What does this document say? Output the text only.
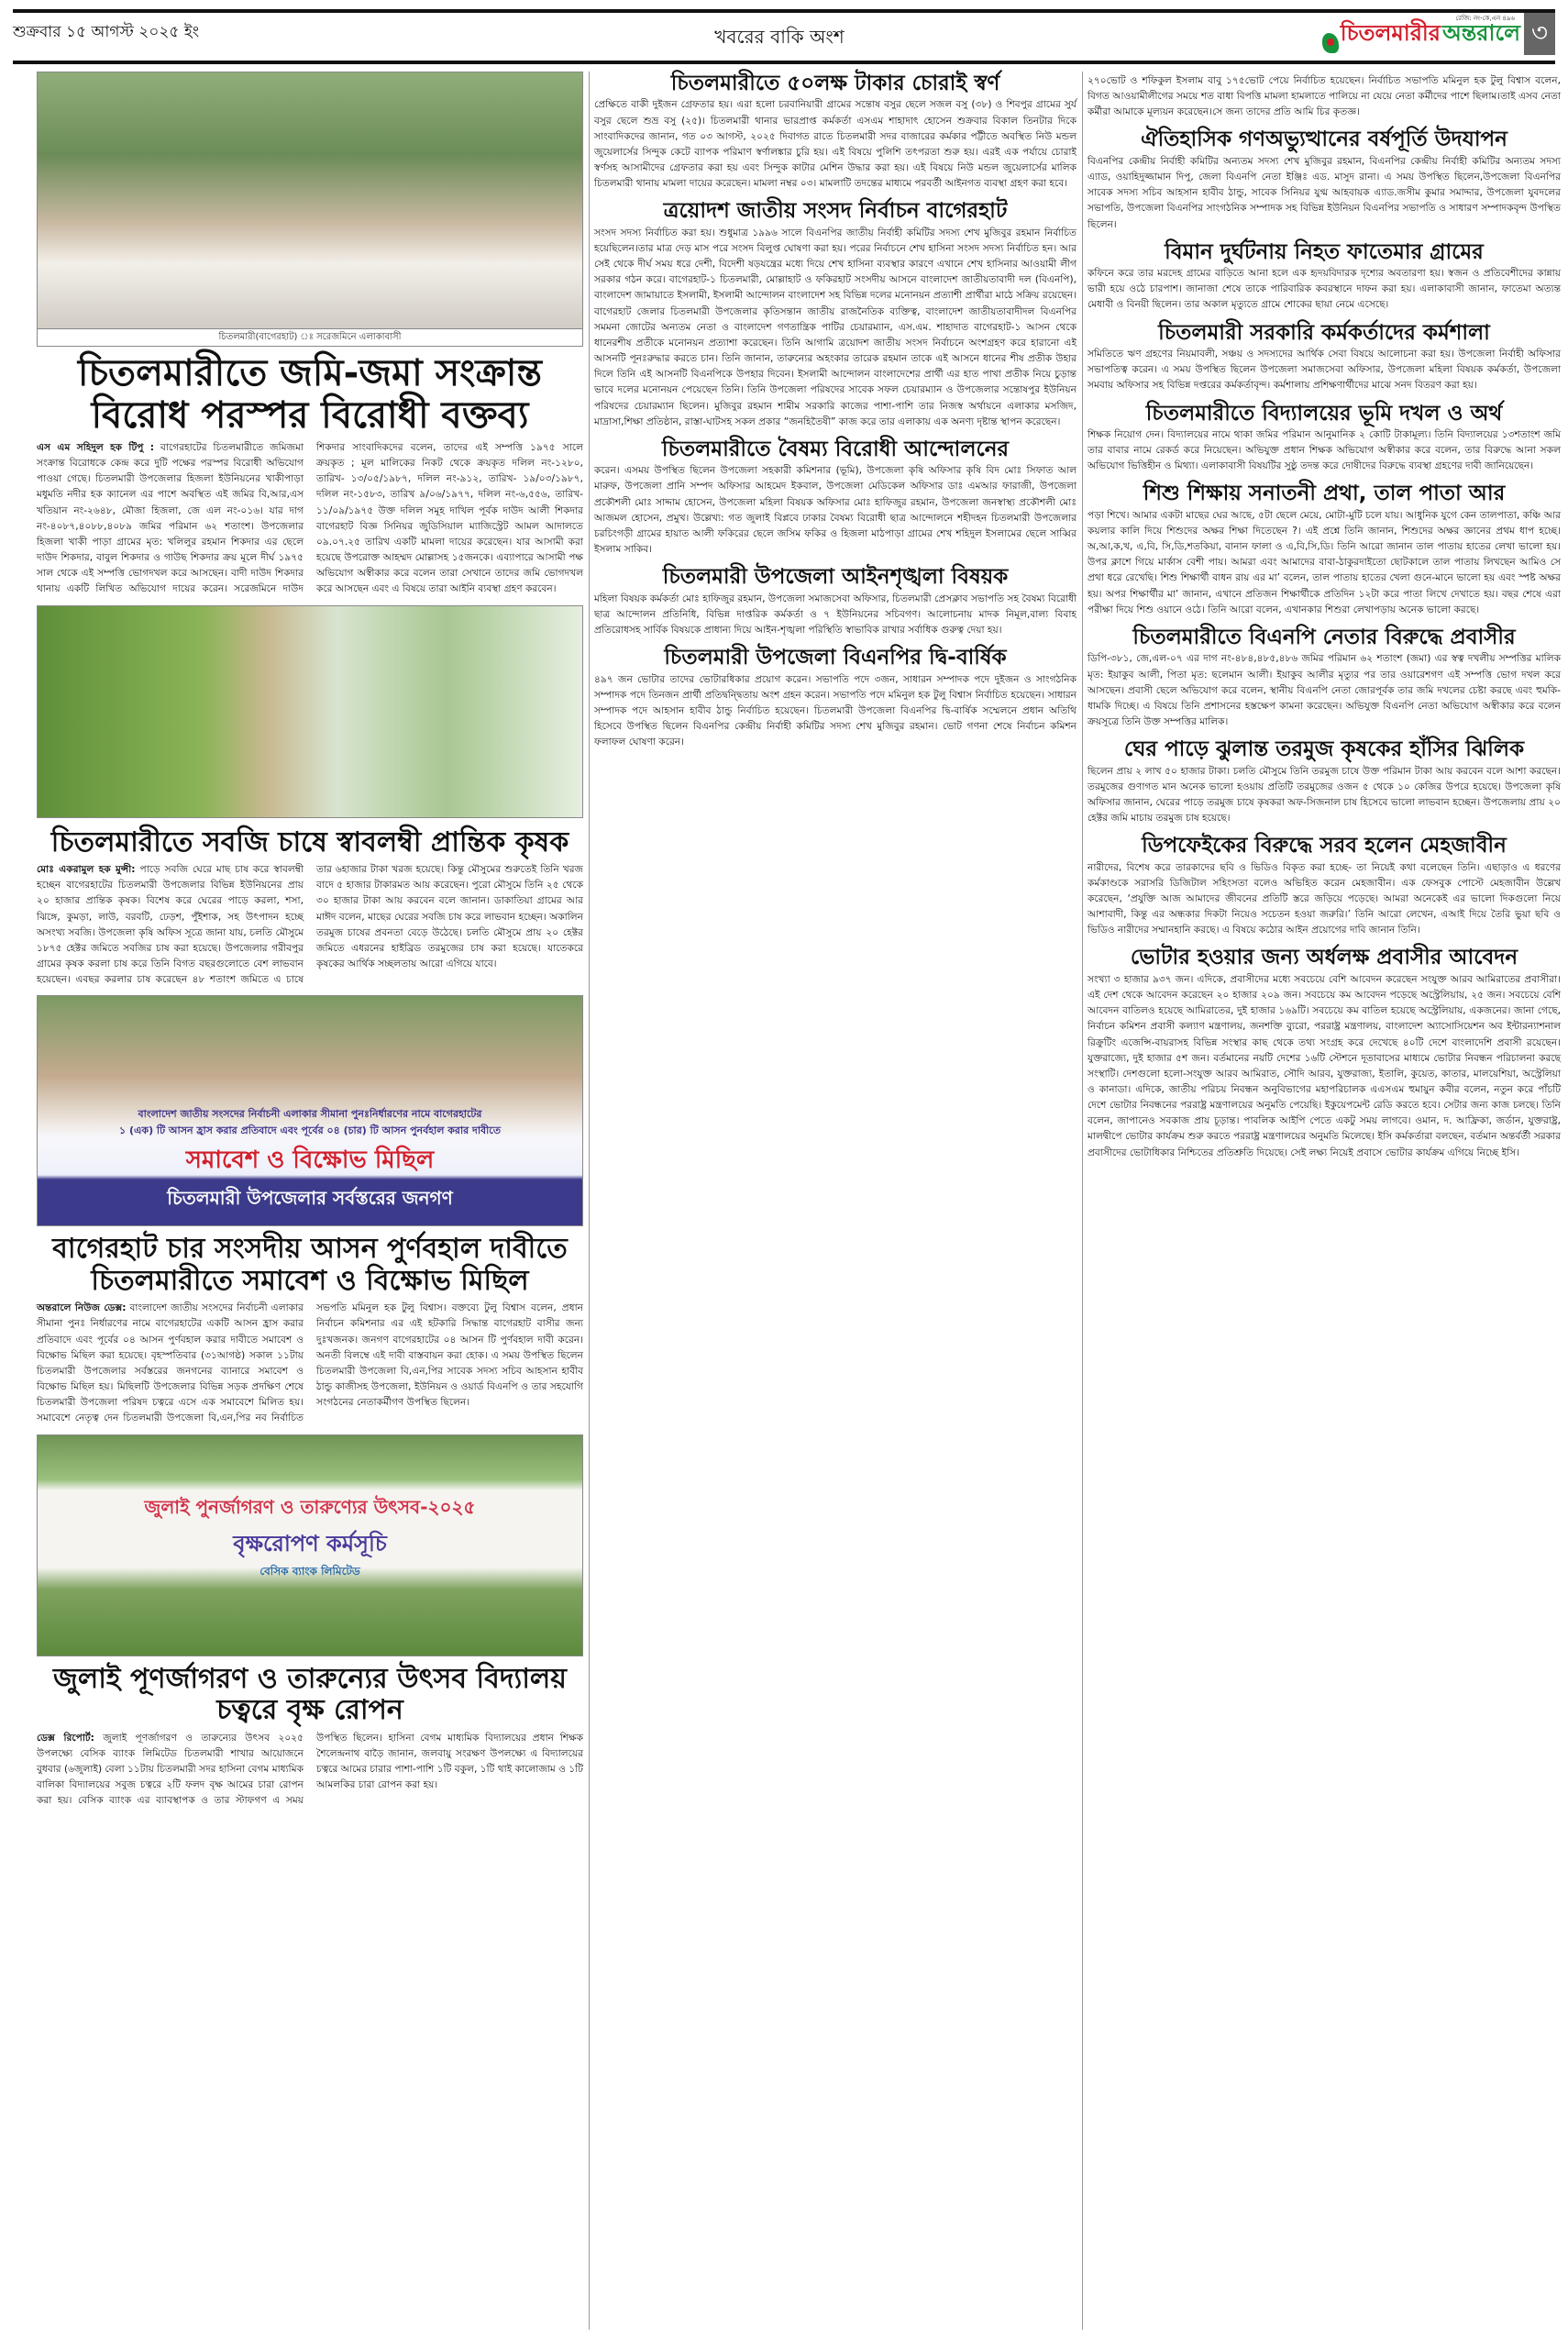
শুক্রবার ১৫ আগস্ট ২০২৫ ইং	খবরের বাকি অংশ	চিতলমারীর অন্তরালে
রেজি: নং-কে,এন ৪৯৬ ৩
চিতলমারী(বাগেরহাট) ঃ সরেজমিনে এলাকাবাসী
চিতলমারীতে জমি-জমা সংক্রান্ত বিরোধ পরস্পর বিরোধী বক্তব্য

এস এম সহিদুল হক টিপু : বাগেরহাটের চিতলমারীতে জমিজমা সংক্রান্ত বিরোধকে কেন্দ্র করে দুটি পক্ষের পরস্পর বিরোধী অভিযোগ পাওয়া গেছে। চিতলমারী উপজেলার হিজলা ইউনিয়নের খাকীপাড়া মধুমতি নদীর হক ক্যানেল এর পাশে অবস্থিত এই জমির বি,আর,এস খতিয়ান নং-২৬৪৮, মৌজা হিজলা, জে এল নং-০১৬। যার দাগ নং-৪০৮৭,৪০৮৮,৪০৮৯ জমির পরিমান ৬২ শতাংশ। উপজেলার হিজলা খাকী পাড়া গ্রামের মৃত: খলিলুর রহমান শিকদার এর ছেলে দাউদ শিকদার, বাবুল শিকদার ও গাউছ শিকদার ক্রয় মূলে দীর্ঘ ১৯৭৫ সাল থেকে এই সম্পত্তি ভোগদখল করে আসছেন। বাদী দাউদ শিকদার থানায় একটি লিখিত অভিযোগ দায়ের করেন। সরেজমিনে দাউদ শিকদার সাংবাদিকদের বলেন, তাদের এই সম্পত্তি ১৯৭৫ সালে ক্রয়কৃত ; মূল মালিকের নিকট থেকে ক্রয়কৃত দলিল নং-১২৮০, তারিখ- ১৩/০৫/১৯৮৭, দলিল নং-৯১২, তারিখ- ১৯/০৩/১৯৮৭, দলিল নং-১৫৮৩, তারিখ ৯/০৬/১৯৭৭, দলিল নং-৬,৫৫৬, তারিখ- ১১/০৯/১৯৭৫ উক্ত দলিল সমূহ দাখিল পূর্বক দাউদ আলী শিকদার বাগেরহাট বিজ্ঞ সিনিয়র জুডিসিয়াল ম্যাজিস্ট্রেট আমল আদালতে ০৯.০৭.২৫ তারিখ একটি মামলা দায়ের করেছেন। যার আসামী করা হয়েছে উপরোক্ত আহম্মদ মোল্লাসহ ১৫জনকে। এব্যাপারে আসামী পক্ষ অভিযোগ অস্বীকার করে বলেন তারা সেখানে তাদের জমি ভোগদখল করে আসছেন এবং এ বিষয়ে তারা আইনি ব্যবস্থা গ্রহণ করবেন।

চিতলমারীতে সবজি চাষে স্বাবলম্বী প্রান্তিক কৃষক

মোঃ একরামুল হক মুন্সী: পাড়ে সবজি ঘেরে মাছ চাষ করে স্বাবলম্বী হচ্ছেন বাগেরহাটের চিতলমারী উপজেলার বিভিন্ন ইউনিয়নের প্রায় ২০ হাজার প্রান্তিক কৃষক। বিশেষ করে ঘেরের পাড়ে করলা, শসা, ঝিঙ্গে, কুমড়া, লাউ, বরবটি, ঢেড়শ, পুঁইশাক, সহ উৎপাদন হচ্ছে অসংখ্য সবজি। উপজেলা কৃষি অফিস সূত্রে জানা যায়, চলতি মৌসুমে ১৮৭৫ হেক্টর জমিতে সবজির চাষ করা হয়েছে। উপজেলার গরীবপুর গ্রামের কৃষক করলা চাষ করে তিনি বিগত বছরগুলোতে বেশ লাভবান হয়েছেন। এবছর করলার চাষ করেছেন ৪৮ শতাংশ জমিতে এ চাষে তার ৬হাজার টাকা খরজ হয়েছে। কিন্তু মৌসুমের শুরুতেই তিনি খরজ বাদে ৫ হাজার টাকারমত আয় করেছেন। পুরো মৌসুমে তিনি ২৫ থেকে ৩০ হাজার টাকা আয় করবেন বলে জানান। ডাকাতিয়া গ্রামের আর মাঈদ বলেন, মাছের ঘেরের সবজি চাষ করে লাভবান হচ্ছেন। অকালিন তরমুজ চাষের প্রবনতা বেড়ে উঠেছে। চলতি মৌসুমে প্রায় ২০ হেক্টর জমিতে এধরনের হাইব্রিড তরমুজের চাষ করা হয়েছে। যাতেকরে কৃষকের আর্থিক সচ্ছলতায় আরো এগিয়ে যাবে।

বাংলাদেশ জাতীয় সংসদের নির্বাচনী এলাকার সীমানা পুনঃনির্ধারণের নামে বাগেরহাটের
১ (এক) টি আসন হ্রাস করার প্রতিবাদে এবং পূর্বের ০৪ (চার) টি আসন পুনর্বহাল করার দাবীতে
সমাবেশ ও বিক্ষোভ মিছিল
চিতলমারী উপজেলার সর্বস্তরের জনগণ
বাগেরহাট চার সংসদীয় আসন পুর্ণবহাল দাবীতে চিতলমারীতে সমাবেশ ও বিক্ষোভ মিছিল

অন্তরালে নিউজ ডেক্স: বাংলাদেশ জাতীয় সংসদের নির্বাচনী এলাকার সীমানা পুনঃ নির্ধারণের নামে বাগেরহাটের একটি আসন হ্রাস করার প্রতিবাদে এবং পূর্বের ০৪ আসন পুর্ণবহাল করার দাবীতে সমাবেশ ও বিক্ষোভ মিছিল করা হয়েছে। বৃহস্পতিবার (৩১আগষ্ঠ) সকাল ১১টায় চিতলমারী উপজেলার সর্বস্তরের জনগনের ব্যানারে সমাবেশ ও বিক্ষোভ মিছিল হয়। মিছিলটি উপজেলার বিভিন্ন সড়ক প্রদক্ষিণ শেষে চিতলমারী উপজেলা পরিষদ চত্বরে এসে এক সমাবেশে মিলিত হয়। সমাবেশে নেতৃত্ব দেন চিতলমারী উপজেলা বি,এন,পির নব নির্বাচিত সভপতি মমিনুল হক টুলু বিশ্বাস। বক্তব্যে টুলু বিশ্বাস বলেন, প্রধান নির্বাচন কমিশনার এর এই হটকারি সিদ্ধান্ত বাগেরহাট বাসীর জন্য দুঃখজনক। জনগণ বাগেরহাটের ০৪ আসন টি পুর্ণবহাল দাবী করেন। অনতী বিলম্বে এই দাবী বাস্তবায়ন করা হোক। এ সময় উপস্থিত ছিলেন চিতলমারী উপজেলা বি,এন,পির সাবেক সদস্য সচিব আহসান হাবীব ঠান্ডু কাজীসহ উপজেলা, ইউনিয়ন ও ওয়ার্ড বিএনপি ও তার সহযোগি সংগঠনের নেতাকর্মীগণ উপস্থিত ছিলেন।

জুলাই পুনর্জাগরণ ও তারুণ্যের উৎসব-২০২৫
বৃক্ষরোপণ কর্মসূচি
বেসিক ব্যাংক লিমিটেড
জুলাই পূণর্জাগরণ ও তারুন্যের উৎসব বিদ্যালয় চত্বরে বৃক্ষ রোপন

ডেক্স রিপোর্ট: জুলাই পূণর্জাগরণ ও তারুন্যের উৎসব ২০২৫ উপলক্ষ্যে বেসিক ব্যাংক লিমিটেড চিতলমারী শাখার আয়োজনে বুধবার (৬জুলাই) বেলা ১১টায় চিতলমারী সদর হাসিনা বেগম মাধ্যমিক বালিকা বিদ্যালয়ের সবুজ চত্বরে ২টি ফলদ বৃক্ষ আমের চারা রোপন করা হয়। বেসিক ব্যাংক এর ব্যাবস্থাপক ও তার স্টাফগণ এ সময় উপস্থিত ছিলেন। হাসিনা বেগম মাধ্যমিক বিদ্যালয়ের প্রধান শিক্ষক শৈলেন্দ্রনাথ বাড়ৈ জানান, জলবায়ু সংরক্ষণ উপলক্ষ্যে এ বিদ্যালয়ের চত্বরে আমের চারার পাশা-পাশি ১টি বকুল, ১টি থাই কালোজাম ও ১টি আমলকির চারা রোপন করা হয়।

চিতলমারীতে ৫০লক্ষ টাকার চোরাই স্বর্ণ

প্রেক্ষিতে বাকী দুইজন গ্রেফতার হয়। এরা হলো চরবানিয়ারী গ্রামের সন্তোষ বসুর ছেলে সজল বসু (৩৮) ও শিবপুর গ্রামের সুর্য বসুর ছেলে শুভ্র বসু (২৫)। চিতলমারী থানার ভারপ্রাপ্ত কর্মকর্তা এসএম শাহাদাৎ হোসেন শুক্রবার বিকাল তিনটার দিকে সাংবাদিকদের জানান, গত ০৩ আগস্ট, ২০২৫ দিবাগত রাতে চিতলমারী সদর বাজারের কর্মকার পট্টীতে অবস্থিত নিউ মন্ডল জুয়েলার্সের সিন্দুক কেটে ব্যাপক পরিমাণ স্বর্ণালঙ্কার চুরি হয়। এই বিষয়ে পুলিশি তৎপরতা শুরু হয়। এরই এক পর্যায়ে চোরাই স্বর্ণসহ আসামীদের গ্রেফতার করা হয় এবং সিন্দুক কাটার মেশিন উদ্ধার করা হয়। এই বিষয়ে নিউ মন্ডল জুয়েলার্সের মালিক চিতলমারী থানায় মামলা দায়ের করেছেন। মামলা নম্বর ০৩। মামলাটি তদন্তের মাধ্যমে পরবর্তী আইনগত ব্যবস্থা গ্রহণ করা হবে।

ত্রয়োদশ জাতীয় সংসদ নির্বাচন বাগেরহাট

সংসদ সদস্য নির্বাচিত করা হয়। শুধুমাত্র ১৯৯৬ সালে বিএনপির জাতীয় নির্বাহী কমিটির সদস্য শেখ মুজিবুর রহমান নির্বাচিত হয়েছিলেন।তার মাত্র দেড় মাস পরে সংসদ বিলুপ্ত ঘোষণা করা হয়। পরের নির্বাচনে শেখ হাসিনা সংসদ সদস্য নির্বাচিত হন। আর সেই থেকে দীর্ঘ সময় ধরে দেশী, বিদেশী ষড়যন্ত্রের মধ্যে দিয়ে শেখ হাসিনা ব্যবস্থার কারণে এখানে শেখ হাসিনার আওয়ামী লীগ সরকার গঠন করে। বাগেরহাট-১ চিতলমারী, মোল্লাহাট ও ফকিরহাট সংসদীয় আসনে বাংলাদেশ জাতীয়তাবাদী দল (বিএনপি), বাংলাদেশ জামায়াতে ইসলামী, ইসলামী আন্দোলন বাংলাদেশ সহ বিভিন্ন দলের মনোনয়ন প্রত্যাশী প্রার্থীরা মাঠে সক্রিয় রয়েছেন। বাগেরহাট জেলার চিতলমারী উপজেলার কৃতিসন্তান জাতীয় রাজনৈতিক ব্যক্তিত্ব, বাংলাদেশ জাতীয়তাবাদীদল বিএনপির সমমনা জোটের অন্যতম নেতা ও বাংলাদেশ গণতান্ত্রিক পাটির চেয়ারম্যান, এস.এম. শাহাদাত বাগেরহাট-১ আসন থেকে ধানেরশীষ প্রতীকে মনোনয়ন প্রত্যাশা করেছেন। তিনি আগামি ত্রয়োদশ জাতীয় সংসদ নির্বাচনে অংশগ্রহণ করে হারানো এই আসনটি পূনঃরুদ্ধার করতে চান। তিনি জানান, তারুন্যের অহংকার তারেক রহমান তাকে এই আসনে ধানের শীষ প্রতীক উহার দিলে তিনি এই আসনটি বিএনপিকে উপহার দিবেন। ইসলামী আন্দোলন বাংলাদেশের প্রার্থী এর হাত পাখা প্রতীক নিয়ে চুড়ান্ত ভাবে দলের মনোনয়ন পেয়েছেন তিনি। তিনি উপজেলা পরিষদের সাবেক সফল চেয়ারম্যান ও উপজেলার সন্তোষপুর ইউনিয়ন পরিষদের চেয়ারম্যান ছিলেন। মুজিবুর রহমান শামীম সরকারি কাজের পাশা-পাশি তার নিজস্ব অর্থায়নে এলাকার মসজিদ, মাদ্রাসা,শিক্ষা প্রতিষ্ঠান, রাস্তা-ঘাটসহ সকল প্রকার “জনহিতৈষী” কাজ করে তার এলাকায় এক অনণ্য দৃষ্টান্ত স্থাপন করেছেন।

চিতলমারীতে বৈষম্য বিরোধী আন্দোলনের

করেন। এসময় উপস্থিত ছিলেন উপজেলা সহকারী কমিশনার (ভূমি), উপজেলা কৃষি অফিসার কৃষি বিদ মোঃ সিফাত আল মারুফ, উপজেলা প্রানি সম্পদ অফিসার আহমেদ ইকবাল, উপজেলা মেডিকেল অফিসার ডাঃ এমআর ফারাজী, উপজেলা প্রকৌশলী মোঃ সাদ্দাম হোসেন, উপজেলা মহিলা বিষয়ক অফিসার মোঃ হাফিজুর রহমান, উপজেলা জনস্বাস্থ্য প্রকৌশলী মোঃ আজমল হোসেন, প্রমুখ। উল্লেখ্য: গত জুলাই বিপ্লবে ঢাকার বৈষম্য বিরোধী ছাত্র আন্দোলনে শহীদহন চিতলমারী উপজেলার চরচিংগড়ী গ্রামের হায়াত আলী ফকিরের ছেলে জসিম ফকির ও হিজলা মাঠপাড়া গ্রামের শেখ শহিদুল ইসলামের ছেলে সাব্বির ইসলাম সাকিব।

চিতলমারী উপজেলা আইনশৃঙ্খলা বিষয়ক

মহিলা বিষয়ক কর্মকর্তা মোঃ হাফিজুর রহমান, উপজেলা সমাজসেবা অফিসার, চিতলমারী প্রেসক্লাব সভাপতি সহ বৈষম্য বিরোধী ছাত্র আন্দোলন প্রতিনিধি, বিভিন্ন দাপ্তরিক কর্মকর্তা ও ৭ ইউনিয়নের সচিবগণ। আলোচনায় মাদক নিমূল,বাল্য বিবাহ প্রতিরোধসহ সার্বিক বিষয়কে প্রাধান্য দিয়ে আইন-শৃঙ্খলা পরিস্থিতি স্বাভাবিক রাখার সর্বাধিক গুরুত্ব দেয়া হয়।

চিতলমারী উপজেলা বিএনপির দ্বি-বার্ষিক

৪৯৭ জন ভোটার তাদের ভোটারধিকার প্রয়োগ করেন। সভাপতি পদে ৩জন, সাধারন সম্পাদক পদে দুইজন ও সাংগঠনিক সম্পাদক পদে তিনজন প্রার্থী প্রতিদ্বন্দ্বিতায় অংশ গ্রহন করেন। সভাপতি পদে মমিনুল হক টুলু বিশ্বাস নির্বাচিত হয়েছেন। সাধারন সম্পাদক পদে আহসান হাবীব ঠান্ডু নির্বাচিত হয়েছেন। চিতলমারী উপজেলা বিএনপির দ্বি-বার্ষিক সম্মেলনে প্রধান অতিথি হিসেবে উপস্থিত ছিলেন বিএনপির কেন্দ্রীয় নির্বাহী কমিটির সদস্য শেখ মুজিবুর রহমান। ভোট গণনা শেষে নির্বাচন কমিশন ফলাফল ঘোষণা করেন।

২৭০ভোট ও শফিকুল ইসলাম বাবু ১৭৫ভোট পেয়ে নির্বাচিত হয়েছেন। নির্বাচিত সভাপতি মমিনুল হক টুলু বিশ্বাস বলেন, বিগত আওয়ামীলীগের সময়ে শত বাধা বিপত্তি মামলা হামলাতে পালিয়ে না যেয়ে নেতা কর্মীদের পাশে ছিলাম।তাই এসব নেতা কর্মীরা আমাকে মূল্যয়ন করেছেন।সে জন্য তাদের প্রতি আমি চির কৃতজ্ঞ।

ঐতিহাসিক গণঅভ্যুত্থানের বর্ষপূর্তি উদযাপন

বিএনপির কেন্দ্রীয় নির্বাহী কমিটির অন্যতম সদস্য শেখ মুজিবুর রহমান, বিএনপির কেন্দ্রীয় নির্বাহী কমিটির অন্যতম সদস্য এ্যাড, ওয়াহিদুজ্জামান দিপু, জেলা বিএনপি নেতা ইঞ্জিঃ এড. মাসুদ রানা। এ সময় উপস্থিত ছিলেন,উপজেলা বিএনপির সাবেক সদস্য সচিব আহসান হাবীব ঠান্ডু, সাবেক সিনিয়র যুগ্ম আহবায়ক এ্যাড.জসীম কুমার সমাদ্দার, উপজেলা যুবদলের সভাপতি, উপজেলা বিএনপির সাংগঠনিক সম্পাদক সহ বিভিন্ন ইউনিয়ন বিএনপির সভাপতি ও সাধারণ সম্পাদকবৃন্দ উপস্থিত ছিলেন।

বিমান দুর্ঘটনায় নিহত ফাতেমার গ্রামের

কফিনে করে তার মরদেহ গ্রামের বাড়িতে আনা হলে এক হৃদয়বিদারক দৃশ্যের অবতারণা হয়। স্বজন ও প্রতিবেশীদের কান্নায় ভারী হয়ে ওঠে চারপাশ। জানাজা শেষে তাকে পারিবারিক কবরস্থানে দাফন করা হয়। এলাকাবাসী জানান, ফাতেমা অত্যন্ত মেধাবী ও বিনয়ী ছিলেন। তার অকাল মৃত্যুতে গ্রামে শোকের ছায়া নেমে এসেছে।

চিতলমারী সরকারি কর্মকর্তাদের কর্মশালা

সমিতিতে ঋণ গ্রহণের নিয়মাবলী, সঞ্চয় ও সদস্যদের আর্থিক সেবা বিষয়ে আলোচনা করা হয়। উপজেলা নির্বাহী অফিসার সভাপতিত্ব করেন। এ সময় উপস্থিত ছিলেন উপজেলা সমাজসেবা অফিসার, উপজেলা মহিলা বিষয়ক কর্মকর্তা, উপজেলা সমবায় অফিসার সহ বিভিন্ন দপ্তরের কর্মকর্তাবৃন্দ। কর্মশালায় প্রশিক্ষণার্থীদের মাঝে সনদ বিতরণ করা হয়।

চিতলমারীতে বিদ্যালয়ের ভূমি দখল ও অর্থ

শিক্ষক নিয়োগ দেন। বিদ্যালয়ের নামে থাকা জমির পরিমান আনুমানিক ২ কোটি টাকামূল্য। তিনি বিদ্যালয়ের ১৩শতাংশ জমি তার বাবার নামে রেকর্ড করে নিয়েছেন। অভিযুক্ত প্রধান শিক্ষক অভিযোগ অস্বীকার করে বলেন, তার বিরুদ্ধে আনা সকল অভিযোগ ভিত্তিহীন ও মিথ্যা। এলাকাবাসী বিষয়টির সুষ্ঠু তদন্ত করে দোষীদের বিরুদ্ধে ব্যবস্থা গ্রহণের দাবী জানিয়েছেন।

শিশু শিক্ষায় সনাতনী প্রথা, তাল পাতা আর

পড়া শিখে। আমার একটা মাছের ঘের আছে, ৫টা ছেলে মেয়ে, মোটা-মুটি চলে যায়। আধুনিক যুগে কেন তালপাতা, কঞ্চি আর কয়লার কালি দিয়ে শিশুদের অক্ষর শিক্ষা দিতেছেন ?। এই প্রশ্নে তিনি জানান, শিশুদের অক্ষর জ্ঞানের প্রথম ধাপ হচ্ছে। অ,আ,ক,খ, এ,বি, সি,ডি,শতকিয়া, বানান ফালা ও এ,বি,সি,ডি। তিনি আরো জানান তাল পাতায় হাতের লেখা ভালো হয়। উপর ক্লাশে গিয়ে মার্কাস বেশী পায়। আমরা এবং আমাদের বাবা-ঠাকুরদাইতো ছোটকালে তাল পাতায় লিখছেন আমিও সে প্রথা ধরে রেখেছি। শিশু শিক্ষার্থী বাধন রায় এর মা’ বলেন, তাল পাতায় হাতের খেলা গুনে-মানে ভালো হয় এবং স্পষ্ট অক্ষর হয়। অপর শিক্ষার্থীর মা’ জানান, এখানে প্রতিজন শিক্ষার্থীকে প্রতিদিন ১২টা করে পাতা লিখে দেখাতে হয়। বছর শেষে এরা পরীক্ষা দিয়ে শিশু ওয়ানে ওঠে। তিনি আরো বলেন, এখানকার শিশুরা লেখাপড়ায় অনেক ভালো করছে।

চিতলমারীতে বিএনপি নেতার বিরুদ্ধে প্রবাসীর

ডিপি-৩৮১, জে,এল-০৭ এর দাগ নং-৪৮৪,৪৮৫,৪৮৬ জমির পরিমান ৬২ শতাংশ (জমা) এর স্বত্ব দখলীয় সম্পত্তির মালিক মৃত: ইয়াকুব আলী, পিতা মৃত: ছলেমান আলী। ইয়াকুব আলীর মৃত্যুর পর তার ওয়ারেশগণ এই সম্পত্তি ভোগ দখল করে আসছেন। প্রবাসী ছেলে অভিযোগ করে বলেন, স্থানীয় বিএনপি নেতা জোরপূর্বক তার জমি দখলের চেষ্টা করছে এবং হুমকি-ধামকি দিচ্ছে। এ বিষয়ে তিনি প্রশাসনের হস্তক্ষেপ কামনা করেছেন। অভিযুক্ত বিএনপি নেতা অভিযোগ অস্বীকার করে বলেন ক্রয়সূত্রে তিনি উক্ত সম্পত্তির মালিক।

ঘের পাড়ে ঝুলান্ত তরমুজ কৃষকের হাঁসির ঝিলিক

ছিলেন প্রায় ২ লাখ ৫০ হাজার টাকা। চলতি মৌসুমে তিনি তরমুজ চাষে উক্ত পরিমান টাকা আয় করবেন বলে আশা করছেন। তরমুজের গুণাগত মান অনেক ভালো হওয়ায় প্রতিটি তরমুজের ওজন ৫ থেকে ১০ কেজির উপরে হয়েছে। উপজেলা কৃষি অফিসার জানান, ঘেরের পাড়ে তরমুজ চাষে কৃষকরা অফ-সিজনাল চাষ হিসেবে ভালো লাভবান হচ্ছেন। উপজেলায় প্রায় ২০ হেক্টর জমি মাচায় তরমুজ চাষ হয়েছে।

ডিপফেইকের বিরুদ্ধে সরব হলেন মেহজাবীন

নারীদের, বিশেষ করে তারকাদের ছবি ও ভিডিও বিকৃত করা হচ্ছে- তা নিয়েই কথা বলেছেন তিনি। এছাড়াও এ ধরণের কর্মকাণ্ডকে সরাসরি ডিজিটাল সহিংসতা বলেও অভিহিত করেন মেহজাবীন। এক ফেসবুক পোস্টে মেহজাবীন উল্লেখ করেছেন, ‘প্রযুক্তি আজ আমাদের জীবনের প্রতিটি স্তরে জড়িয়ে পড়েছে। আমরা অনেকেই এর ভালো দিকগুলো নিয়ে আশাবাদী, কিন্তু এর অন্ধকার দিকটা নিয়েও সচেতন হওয়া জরুরি।’ তিনি আরো লেখেন, এআই দিয়ে তৈরি ভুয়া ছবি ও ভিডিও নারীদের সম্মানহানি করছে। এ বিষয়ে কঠোর আইন প্রয়োগের দাবি জানান তিনি।

ভোটার হওয়ার জন্য অর্ধলক্ষ প্রবাসীর আবেদন

সংখ্যা ৩ হাজার ৯৩৭ জন। এদিকে, প্রবাসীদের মধ্যে সবচেয়ে বেশি আবেদন করেছেন সংযুক্ত আরব আমিরাতের প্রবাসীরা। এই দেশ থেকে আবেদন করেছেন ২০ হাজার ২০৯ জন। সবচেয়ে কম আবেদন পড়েছে অস্ট্রেলিয়ায়, ২৫ জন। সবচেয়ে বেশি আবেদন বাতিলও হয়েছে আমিরাতের, দুই হাজার ১৬৯টি। সবচেয়ে কম বাতিল হয়েছে অস্ট্রেলিয়ায়, একজনের। জানা গেছে, নির্বাচন কমিশন প্রবাসী কল্যাণ মন্ত্রণালয়, জনশক্তি ব্যুরো, পররাষ্ট্র মন্ত্রণালয়, বাংলাদেশ অ্যাসোসিয়েশন অব ইন্টারন্যাশনাল রিক্রুটিং এজেন্সি-বায়রাসহ বিভিন্ন সংস্থার কাছ থেকে তথ্য সংগ্রহ করে দেখেছে ৪০টি দেশে বাংলাদেশি প্রবাসী রয়েছেন। যুক্তরাজ্যে, দুই হাজার ৫শ জন। বর্তমানের নয়টি দেশের ১৬টি স্টেশনে দূতাবাসের মাধ্যমে ভোটার নিবন্ধন পরিচালনা করছে সংস্থাটি। দেশগুলো হলো-সংযুক্ত আরব আমিরাত, সৌদি আরব, যুক্তরাজ্য, ইতালি, কুয়েত, কাতার, মালয়েশিয়া, অস্ট্রেলিয়া ও কানাডা। এদিকে, জাতীয় পরিচয় নিবন্ধন অনুবিভাগের মহাপরিচালক এএসএম হুমায়ুন কবীর বলেন, নতুন করে পাঁচটি দেশে ভোটার নিবন্ধনের পররাষ্ট্র মন্ত্রণালয়ের অনুমতি পেয়েছি। ইকুয়েপমেন্ট রেডি করতে হবে। সেটার জন্য কাজ চলছে। তিনি বলেন, জাপানেও সবকাজ প্রায় চূড়ান্ত। পাবলিক আইপি পেতে একটু সময় লাগবে। ওমান, দ. আফ্রিকা, জর্ডান, যুক্তরাষ্ট্র, মালদ্বীপে ভোটার কার্যক্রম শুরু করতে পররাষ্ট্র মন্ত্রণালয়ের অনুমতি মিলেছে। ইসি কর্মকর্তারা বলছেন, বর্তমান অন্তর্বর্তী সরকার প্রবাসীদের ভোটাধিকার নিশ্চিতের প্রতিশ্রুতি দিয়েছে। সেই লক্ষ্য নিয়েই প্রবাসে ভোটার কার্যক্রম এগিয়ে নিচ্ছে ইসি।
